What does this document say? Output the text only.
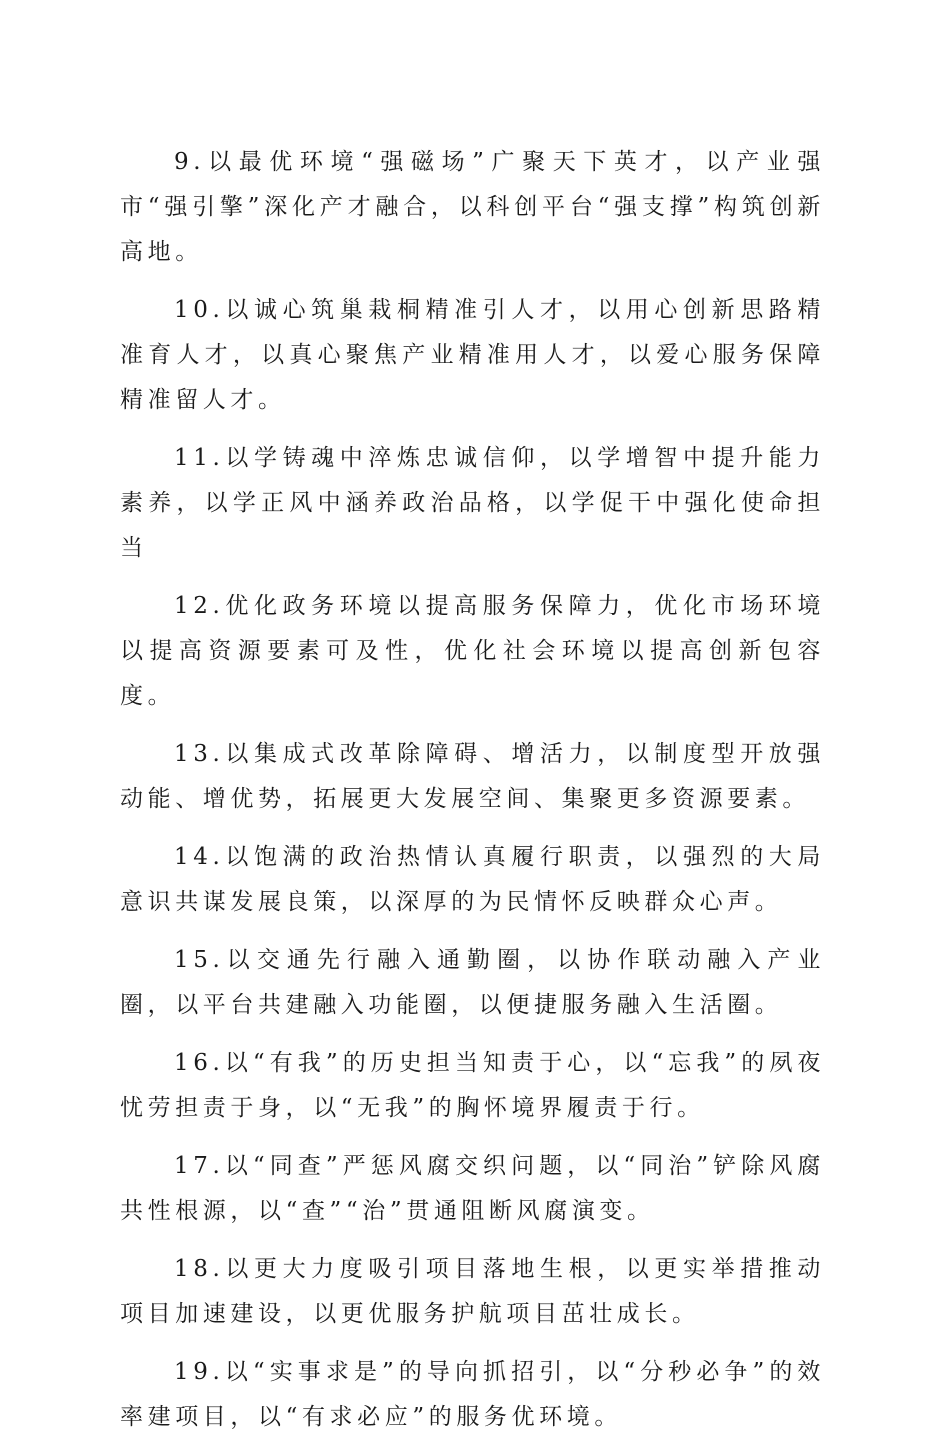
9.以最优环境“强磁场”广聚天下英才，以产业强市“强引擎”深化产才融合，以科创平台“强支撑”构筑创新高地。

10.以诚心筑巢栽桐精准引人才，以用心创新思路精准育人才，以真心聚焦产业精准用人才，以爱心服务保障精准留人才。

11.以学铸魂中淬炼忠诚信仰，以学增智中提升能力素养，以学正风中涵养政治品格，以学促干中强化使命担当

12.优化政务环境以提高服务保障力，优化市场环境以提高资源要素可及性，优化社会环境以提高创新包容度。

13.以集成式改革除障碍、增活力，以制度型开放强动能、增优势，拓展更大发展空间、集聚更多资源要素。

14.以饱满的政治热情认真履行职责，以强烈的大局意识共谋发展良策，以深厚的为民情怀反映群众心声。

15.以交通先行融入通勤圈，以协作联动融入产业圈，以平台共建融入功能圈，以便捷服务融入生活圈。

16.以“有我”的历史担当知责于心，以“忘我”的夙夜忧劳担责于身，以“无我”的胸怀境界履责于行。

17.以“同查”严惩风腐交织问题，以“同治”铲除风腐共性根源，以“查”“治”贯通阻断风腐演变。

18.以更大力度吸引项目落地生根，以更实举措推动项目加速建设，以更优服务护航项目茁壮成长。

19.以“实事求是”的导向抓招引，以“分秒必争”的效率建项目，以“有求必应”的服务优环境。
